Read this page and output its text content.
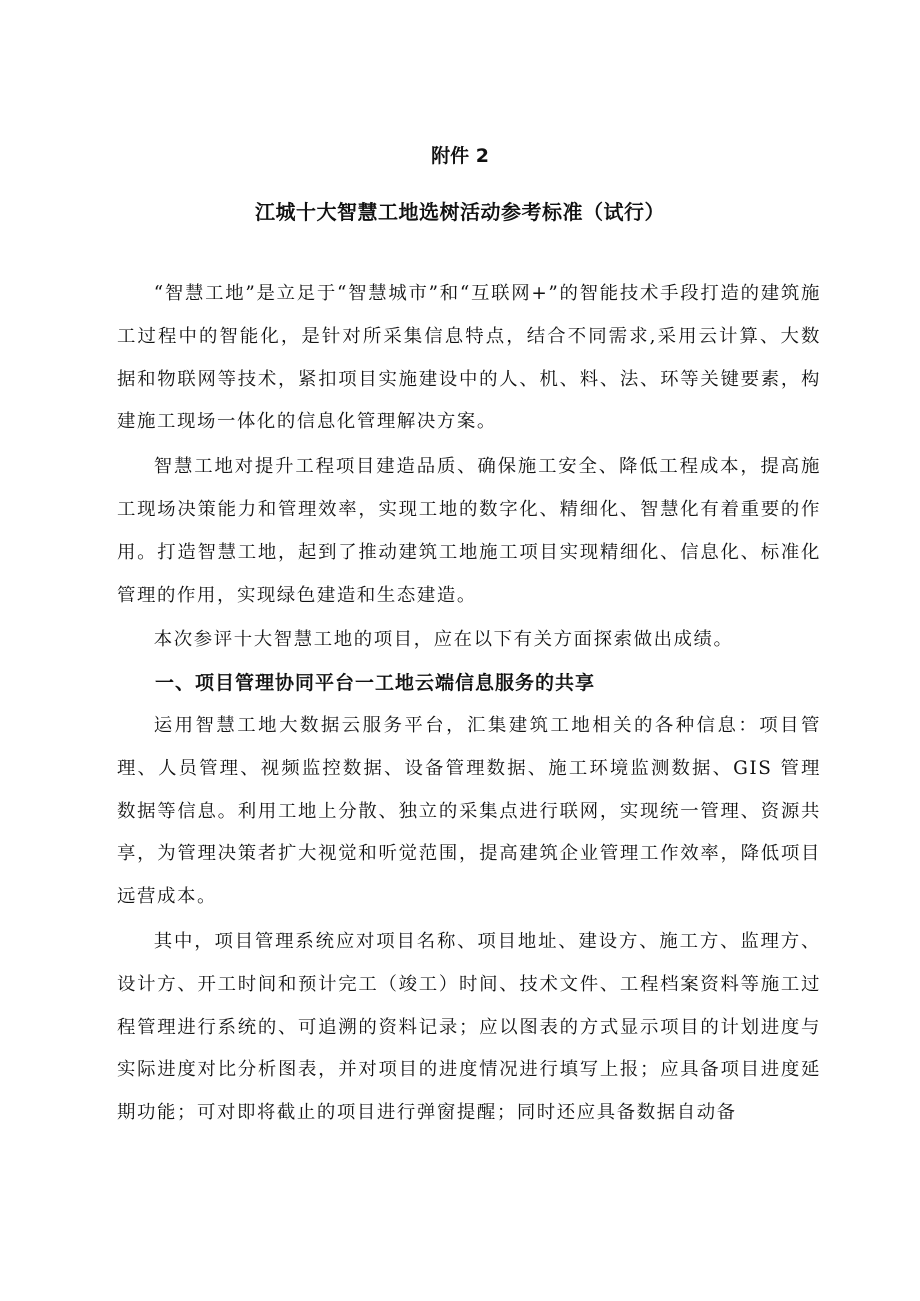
附件 2
江城十大智慧工地选树活动参考标准（试行）

“智慧工地”是立足于“智慧城市”和“互联网+”的智能技术手段打造的建筑施工过程中的智能化，是针对所采集信息特点，结合不同需求,采用云计算、大数据和物联网等技术，紧扣项目实施建设中的人、机、料、法、环等关键要素，构建施工现场一体化的信息化管理解决方案。

智慧工地对提升工程项目建造品质、确保施工安全、降低工程成本，提高施工现场决策能力和管理效率，实现工地的数字化、精细化、智慧化有着重要的作用。打造智慧工地，起到了推动建筑工地施工项目实现精细化、信息化、标准化管理的作用，实现绿色建造和生态建造。

本次参评十大智慧工地的项目，应在以下有关方面探索做出成绩。

一、项目管理协同平台一工地云端信息服务的共享

运用智慧工地大数据云服务平台，汇集建筑工地相关的各种信息：项目管理、人员管理、视频监控数据、设备管理数据、施工环境监测数据、GIS 管理数据等信息。利用工地上分散、独立的采集点进行联网，实现统一管理、资源共享，为管理决策者扩大视觉和听觉范围，提高建筑企业管理工作效率，降低项目远营成本。

其中，项目管理系统应对项目名称、项目地址、建设方、施工方、监理方、设计方、开工时间和预计完工（竣工）时间、技术文件、工程档案资料等施工过程管理进行系统的、可追溯的资料记录；应以图表的方式显示项目的计划进度与实际进度对比分析图表，并对项目的进度情况进行填写上报；应具备项目进度延期功能；可对即将截止的项目进行弹窗提醒；同时还应具备数据自动备
